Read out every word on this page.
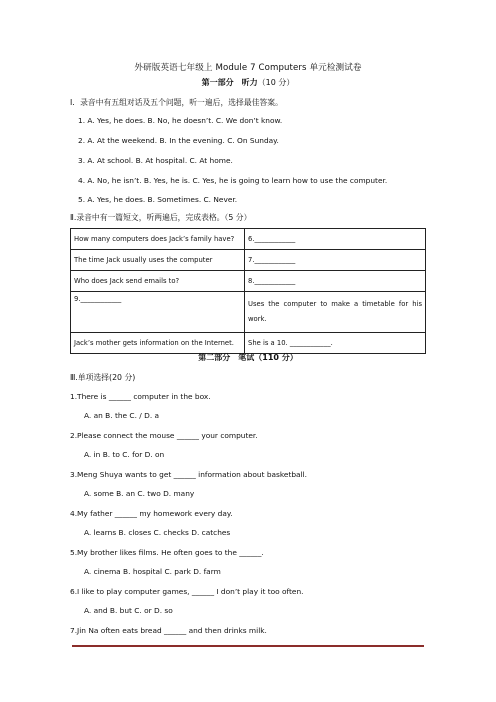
外研版英语七年级上 Module 7 Computers 单元检测试卷
第一部分　听力（10 分）
Ⅰ．录音中有五组对话及五个问题，听一遍后，选择最佳答案。
1. A. Yes, he does. B. No, he doesn’t. C. We don’t know.
2. A. At the weekend. B. In the evening. C. On Sunday.
3. A. At school. B. At hospital. C. At home.
4. A. No, he isn’t. B. Yes, he is. C. Yes, he is going to learn how to use the computer.
5. A. Yes, he does. B. Sometimes. C. Never.
Ⅱ.录音中有一篇短文，听两遍后，完成表格。（5 分）
How many computers does Jack’s family have?	6.____________
The time Jack usually uses the computer	7.____________
Who does Jack send emails to?	8.____________
9.____________	Uses the computer to make a timetable for his work.
Jack’s mother gets information on the Internet.	She is a 10. ____________.
第二部分　笔试（110 分）
Ⅲ.单项选择(20 分)
1.There is ______ computer in the box.
A. an B. the C. / D. a
2.Please connect the mouse ______ your computer.
A. in B. to C. for D. on
3.Meng Shuya wants to get ______ information about basketball.
A. some B. an C. two D. many
4.My father ______ my homework every day.
A. learns B. closes C. checks D. catches
5.My brother likes films. He often goes to the ______.
A. cinema B. hospital C. park D. farm
6.I like to play computer games, ______ I don’t play it too often.
A. and B. but C. or D. so
7.Jin Na often eats bread ______ and then drinks milk.
